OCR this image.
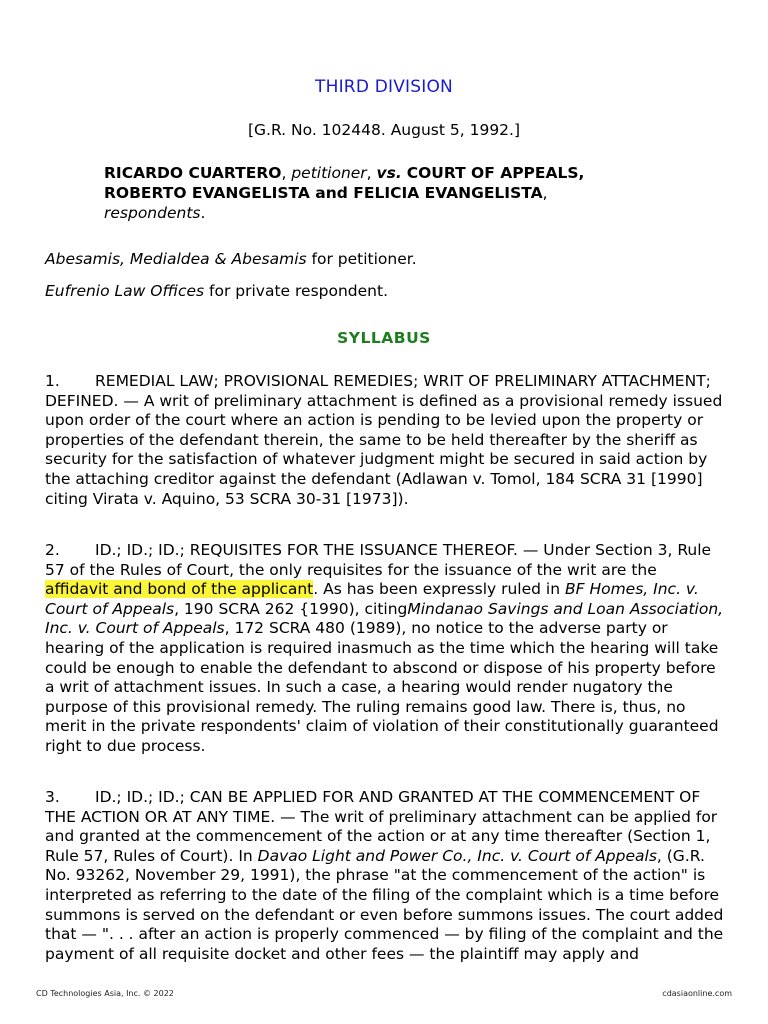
THIRD DIVISION
[G.R. No. 102448. August 5, 1992.]
RICARDO CUARTERO, petitioner, vs. COURT OF APPEALS,
ROBERTO EVANGELISTA and FELICIA EVANGELISTA,
respondents.
Abesamis, Medialdea & Abesamis for petitioner.
Eufrenio Law Offices for private respondent.
SYLLABUS
1. REMEDIAL LAW; PROVISIONAL REMEDIES; WRIT OF PRELIMINARY ATTACHMENT; DEFINED. — A writ of preliminary attachment is defined as a provisional remedy issued upon order of the court where an action is pending to be levied upon the property or properties of the defendant therein, the same to be held thereafter by the sheriff as security for the satisfaction of whatever judgment might be secured in said action by the attaching creditor against the defendant (Adlawan v. Tomol, 184 SCRA 31 [1990] citing Virata v. Aquino, 53 SCRA 30-31 [1973]).
2. ID.; ID.; ID.; REQUISITES FOR THE ISSUANCE THEREOF. — Under Section 3, Rule 57 of the Rules of Court, the only requisites for the issuance of the writ are the affidavit and bond of the applicant. As has been expressly ruled in BF Homes, Inc. v. Court of Appeals, 190 SCRA 262 {1990), citingMindanao Savings and Loan Association, Inc. v. Court of Appeals, 172 SCRA 480 (1989), no notice to the adverse party or hearing of the application is required inasmuch as the time which the hearing will take could be enough to enable the defendant to abscond or dispose of his property before a writ of attachment issues. In such a case, a hearing would render nugatory the purpose of this provisional remedy. The ruling remains good law. There is, thus, no merit in the private respondents' claim of violation of their constitutionally guaranteed right to due process.
3. ID.; ID.; ID.; CAN BE APPLIED FOR AND GRANTED AT THE COMMENCEMENT OF THE ACTION OR AT ANY TIME. — The writ of preliminary attachment can be applied for and granted at the commencement of the action or at any time thereafter (Section 1, Rule 57, Rules of Court). In Davao Light and Power Co., Inc. v. Court of Appeals, (G.R. No. 93262, November 29, 1991), the phrase "at the commencement of the action" is interpreted as referring to the date of the filing of the complaint which is a time before summons is served on the defendant or even before summons issues. The court added that — ". . . after an action is properly commenced — by filing of the complaint and the payment of all requisite docket and other fees — the plaintiff may apply and
CD Technologies Asia, Inc. © 2022	cdasiaonline.com
